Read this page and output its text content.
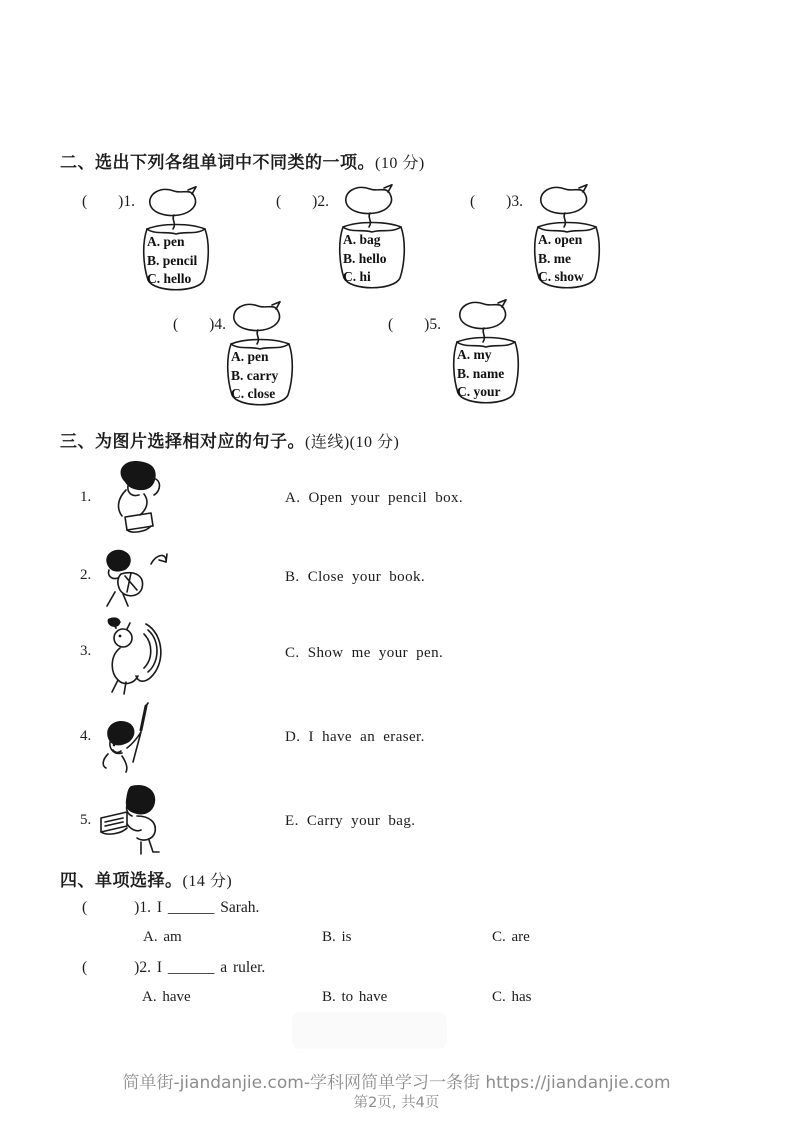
二、选出下列各组单词中不同类的一项。(10 分)
(        )1.	(        )2.	(        )3.
(        )4.	(        )5.
A. pen
B. pencil
C. hello
A. bag
B. hello
C. hi
A. open
B. me
C. show
A. pen
B. carry
C. close
A. my
B. name
C. your
三、为图片选择相对应的句子。(连线)(10 分)
1.	A. Open your pencil box.
2.	B. Close your book.
3.	C. Show me your pen.
4.	D. I have an eraser.
5.	E. Carry your bag.
四、单项选择。(14 分)
(        )1. I ______ Sarah.
A. am	B. is	C. are
(        )2. I ______ a ruler.
A. have	B. to have	C. has
简单街-jiandanjie.com-学科网简单学习一条街 https://jiandanjie.com
第2页, 共4页
